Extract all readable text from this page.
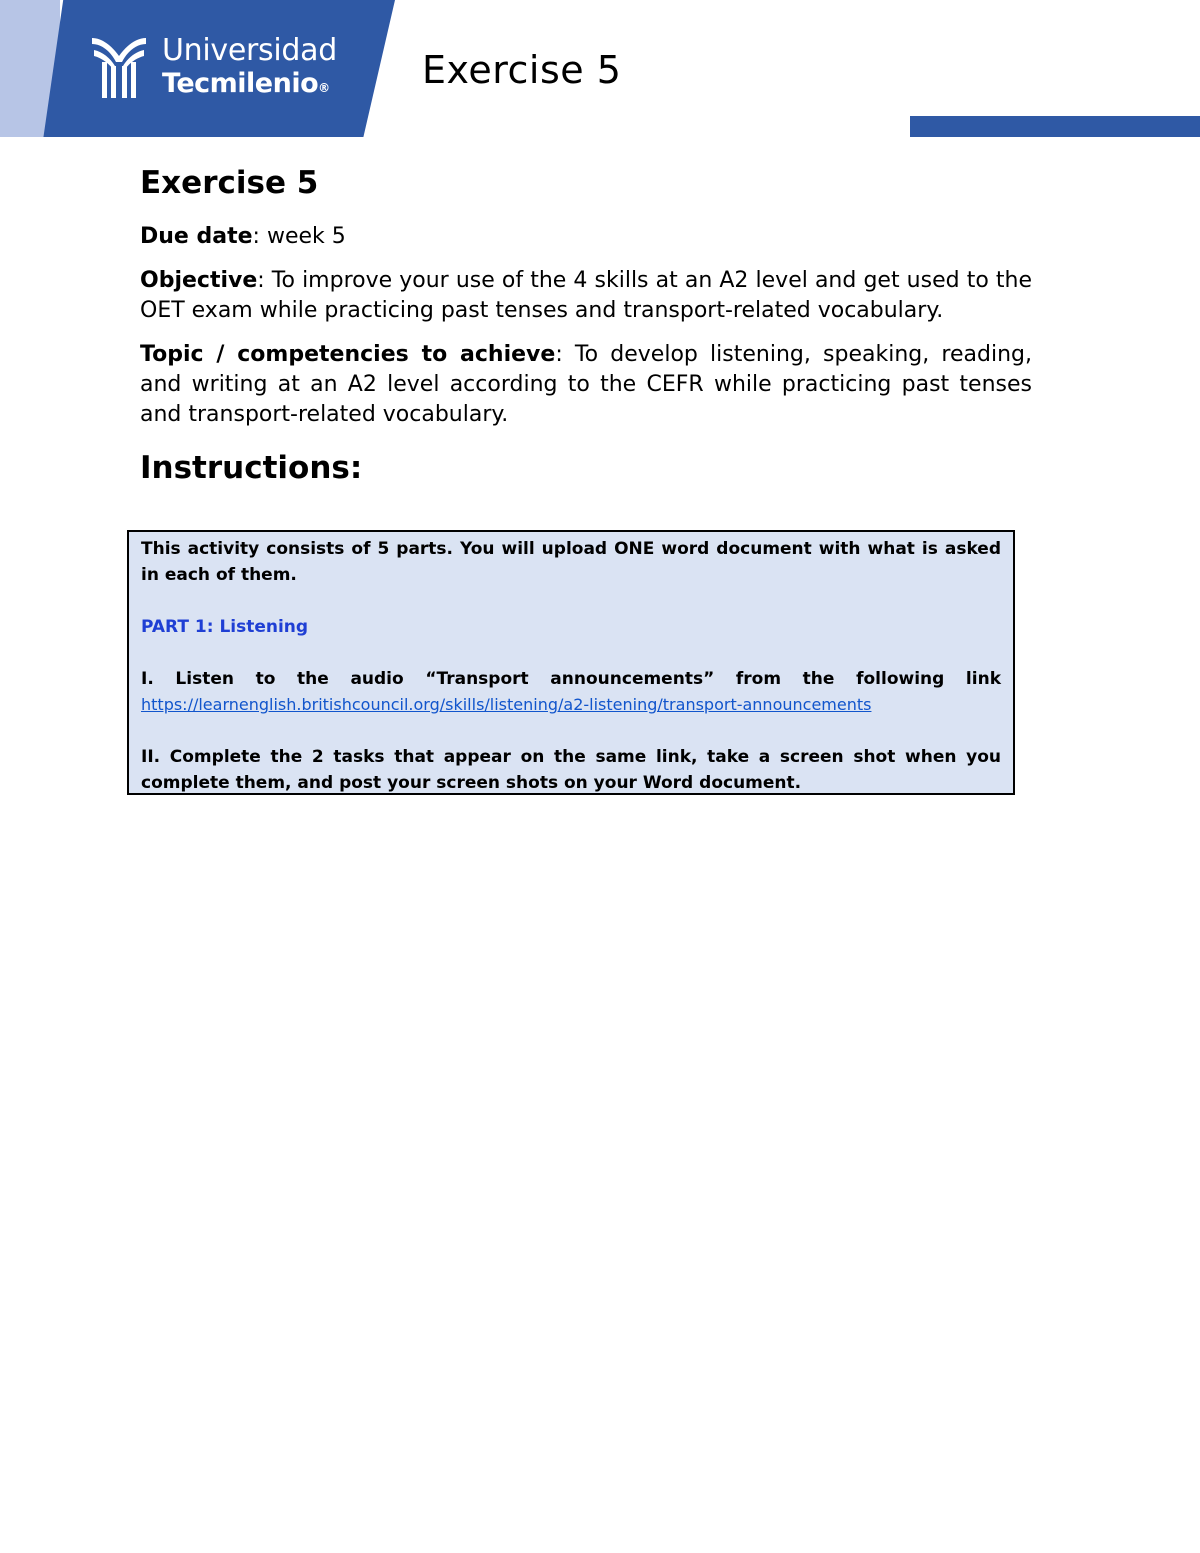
Universidad
Tecmilenio® Exercise 5
Exercise 5

Due date: week 5

Objective: To improve your use of the 4 skills at an A2 level and get used to the OET exam while practicing past tenses and transport-related vocabulary.

Topic / competencies to achieve: To develop listening, speaking, reading, and writing at an A2 level according to the CEFR while practicing past tenses and transport-related vocabulary.

Instructions:

This activity consists of 5 parts. You will upload ONE word document with what is asked in each of them.

PART 1: Listening

I. Listen to the audio “Transport announcements” from the following link

https://learnenglish.britishcouncil.org/skills/listening/a2-listening/transport-announcements

II. Complete the 2 tasks that appear on the same link, take a screen shot when you complete them, and post your screen shots on your Word document.
